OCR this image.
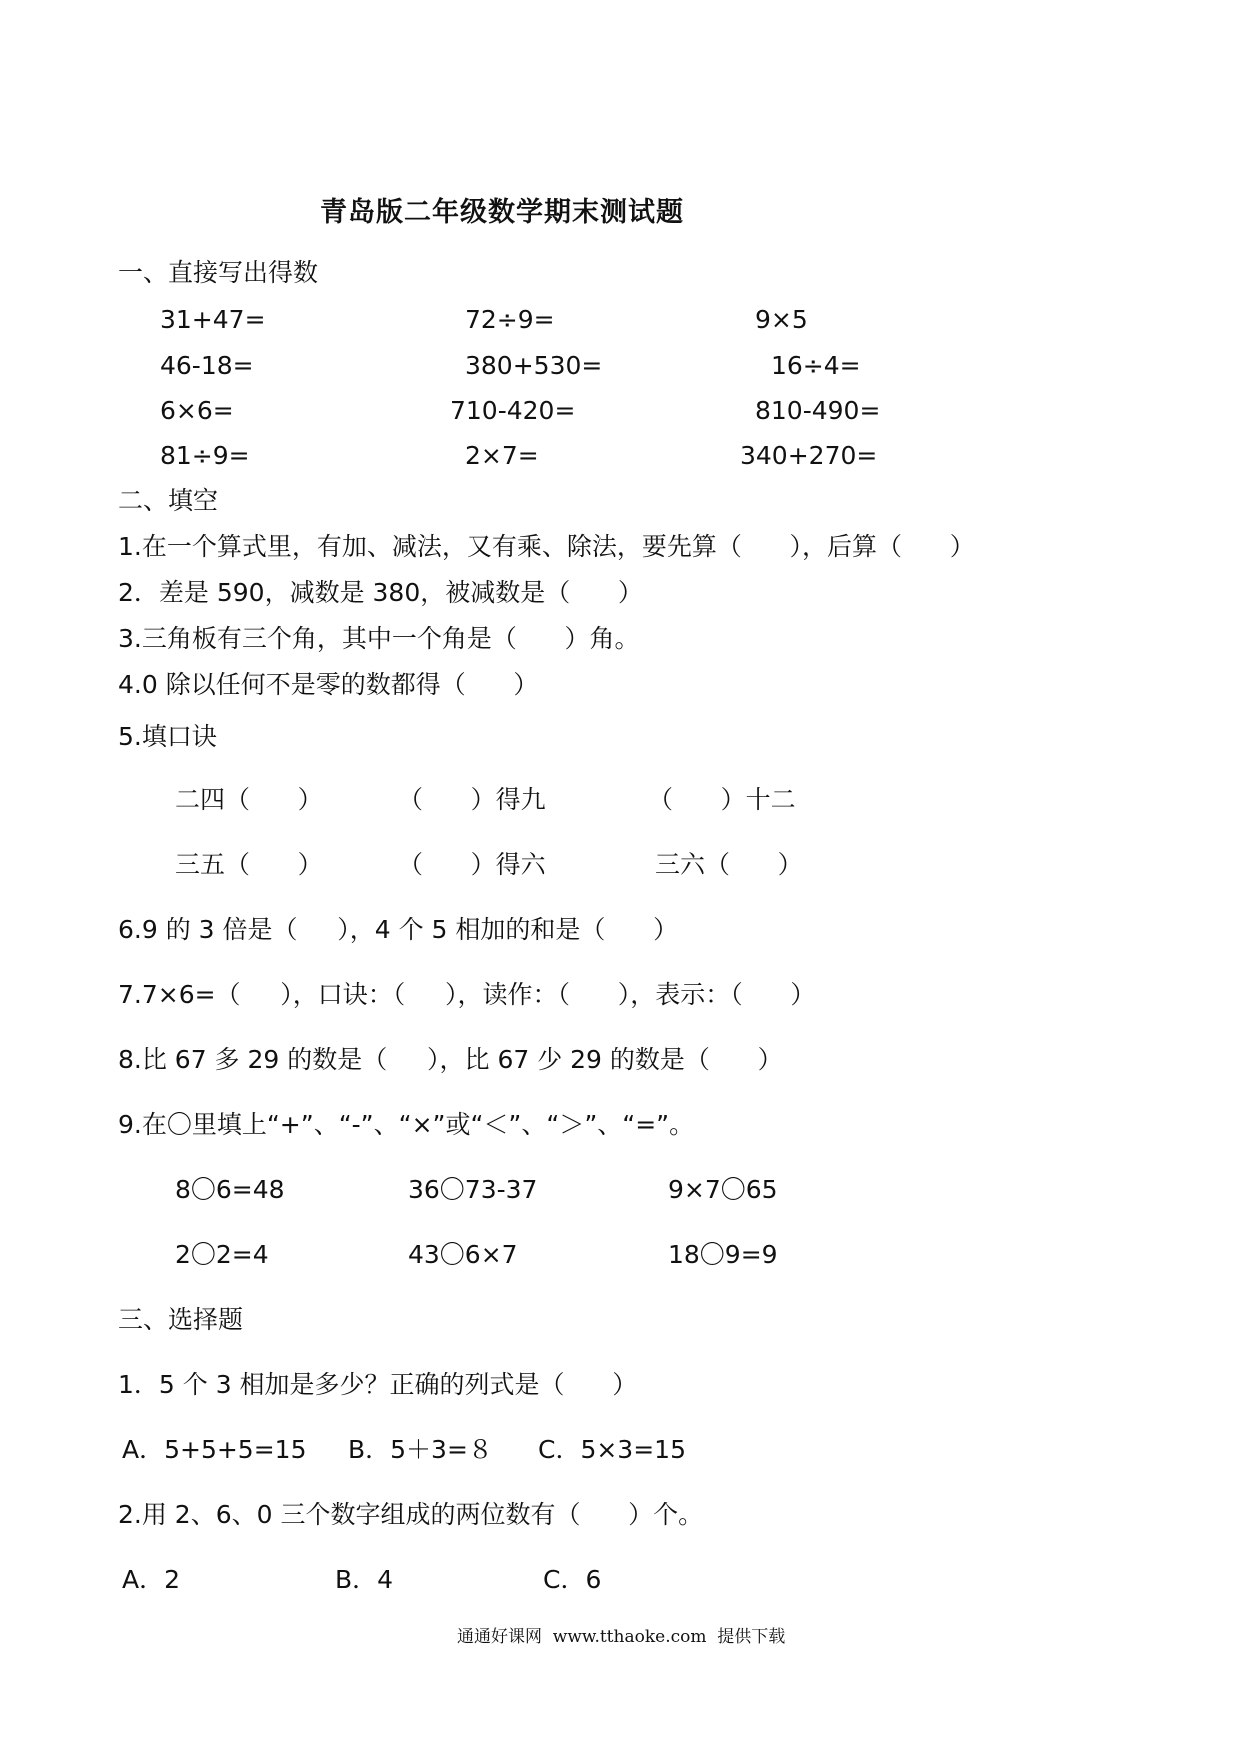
青岛版二年级数学期末测试题
一、直接写出得数
31+47=	72÷9=	9×5
46-18=	380+530=	16÷4=
6×6=	710-420=	810-490=
81÷9=	2×7=	340+270=
二、填空
1.在一个算式里，有加、减法，又有乘、除法，要先算（      ），后算（      ）
2．差是 590，减数是 380，被减数是（      ）
3.三角板有三个角，其中一个角是（      ）角。
4.0 除以任何不是零的数都得（      ）
5.填口诀
二四（      ）	（      ）得九	（      ）十二
三五（      ）	（      ）得六	三六（      ）
6.9 的 3 倍是（     ），4 个 5 相加的和是（      ）
7.7×6=（     ），口诀：（     ），读作：（      ），表示：（      ）
8.比 67 多 29 的数是（     ），比 67 少 29 的数是（      ）
9.在〇里填上“+”、“-”、“×”或“＜”、“＞”、“=”。
8〇6=48	36〇73-37	9×7〇65
2〇2=4	43〇6×7	18〇9=9
三、选择题
1．5 个 3 相加是多少？正确的列式是（      ）
A．5+5+5=15 B．5＋3=８ C．5×3=15
2.用 2、6、0 三个数字组成的两位数有（      ）个。
A．2	B．4	C．6
通通好课网  www.tthaoke.com  提供下载
